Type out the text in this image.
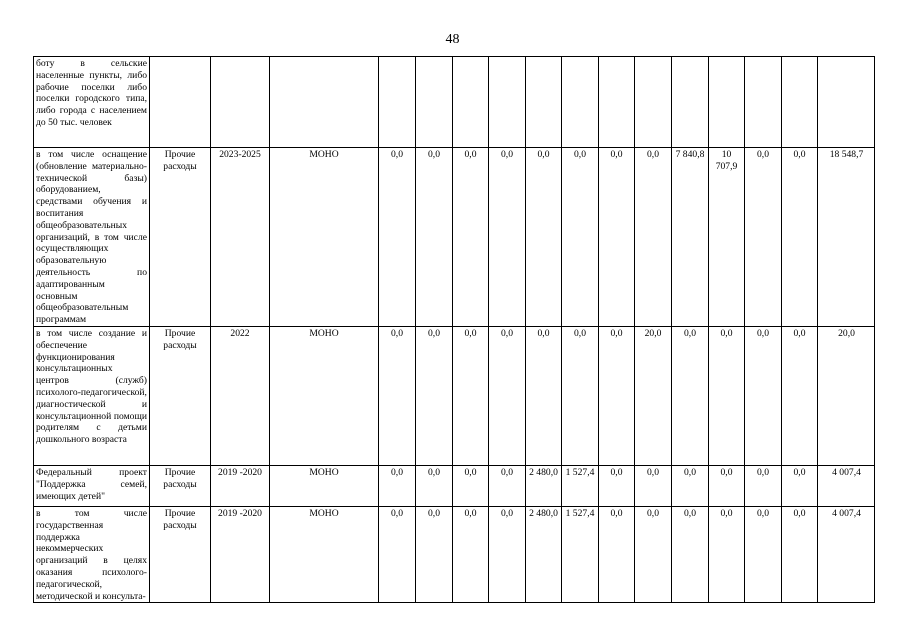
48
боту в сельские населенные пункты, либо рабочие поселки либо поселки городского типа, либо города с населением до 50 тыс. человек																
в том числе оснащение (обновление материально-технической базы) оборудованием, средствами обучения и воспитания общеобразовательных организаций, в том числе осуществляющих образовательную деятельность по адаптированным основным общеобразовательным программам	Прочие расходы	2023-2025	МОНО	0,0	0,0	0,0	0,0	0,0	0,0	0,0	0,0	7 840,8	10 707,9	0,0	0,0	18 548,7
в том числе создание и обеспечение функционирования консультационных центров (служб) психолого-педагогической, диагностической и консультационной помощи родителям с детьми дошкольного возраста	Прочие расходы	2022	МОНО	0,0	0,0	0,0	0,0	0,0	0,0	0,0	20,0	0,0	0,0	0,0	0,0	20,0
Федеральный проект "Поддержка семей, имеющих детей"	Прочие расходы	2019 -2020	МОНО	0,0	0,0	0,0	0,0	2 480,0	1 527,4	0,0	0,0	0,0	0,0	0,0	0,0	4 007,4
в том числе государственная поддержка некоммерческих организаций в целях оказания психолого-педагогической, методической и консульта-	Прочие расходы	2019 -2020	МОНО	0,0	0,0	0,0	0,0	2 480,0	1 527,4	0,0	0,0	0,0	0,0	0,0	0,0	4 007,4
